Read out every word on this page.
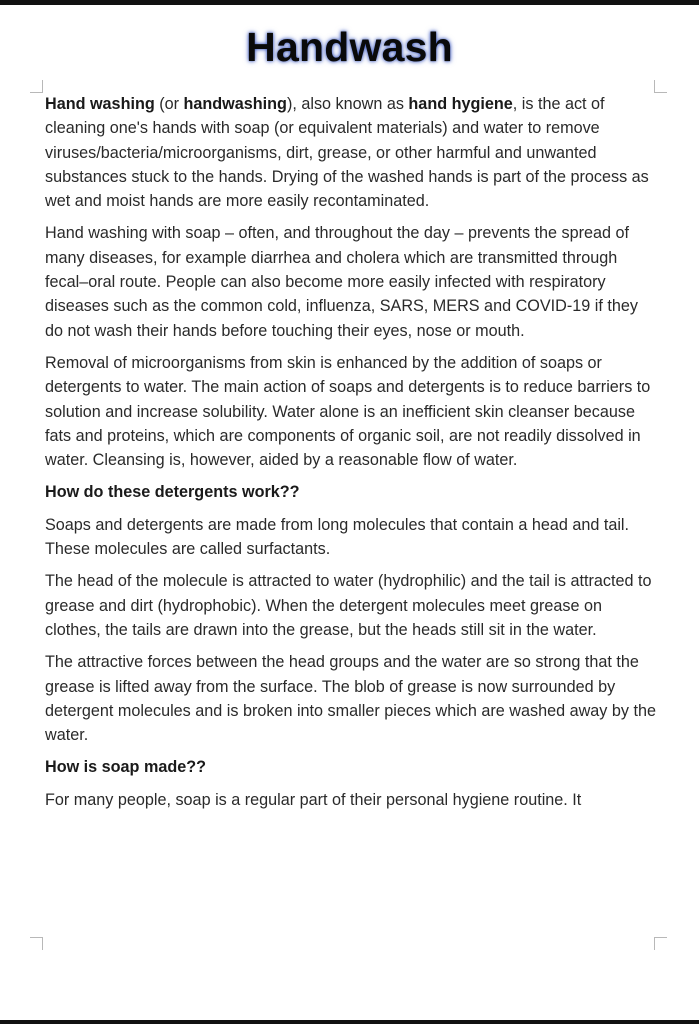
Handwash

Hand washing (or handwashing), also known as hand hygiene, is the act of cleaning one's hands with soap (or equivalent materials) and water to remove viruses/bacteria/microorganisms, dirt, grease, or other harmful and unwanted substances stuck to the hands. Drying of the washed hands is part of the process as wet and moist hands are more easily recontaminated.

Hand washing with soap – often, and throughout the day – prevents the spread of many diseases, for example diarrhea and cholera which are transmitted through fecal–oral route. People can also become more easily infected with respiratory diseases such as the common cold, influenza, SARS, MERS and COVID-19 if they do not wash their hands before touching their eyes, nose or mouth.

Removal of microorganisms from skin is enhanced by the addition of soaps or detergents to water. The main action of soaps and detergents is to reduce barriers to solution and increase solubility. Water alone is an inefficient skin cleanser because fats and proteins, which are components of organic soil, are not readily dissolved in water. Cleansing is, however, aided by a reasonable flow of water.

How do these detergents work??

Soaps and detergents are made from long molecules that contain a head and tail. These molecules are called surfactants.

The head of the molecule is attracted to water (hydrophilic) and the tail is attracted to grease and dirt (hydrophobic). When the detergent molecules meet grease on clothes, the tails are drawn into the grease, but the heads still sit in the water.

The attractive forces between the head groups and the water are so strong that the grease is lifted away from the surface. The blob of grease is now surrounded by detergent molecules and is broken into smaller pieces which are washed away by the water.

How is soap made??

For many people, soap is a regular part of their personal hygiene routine. It
